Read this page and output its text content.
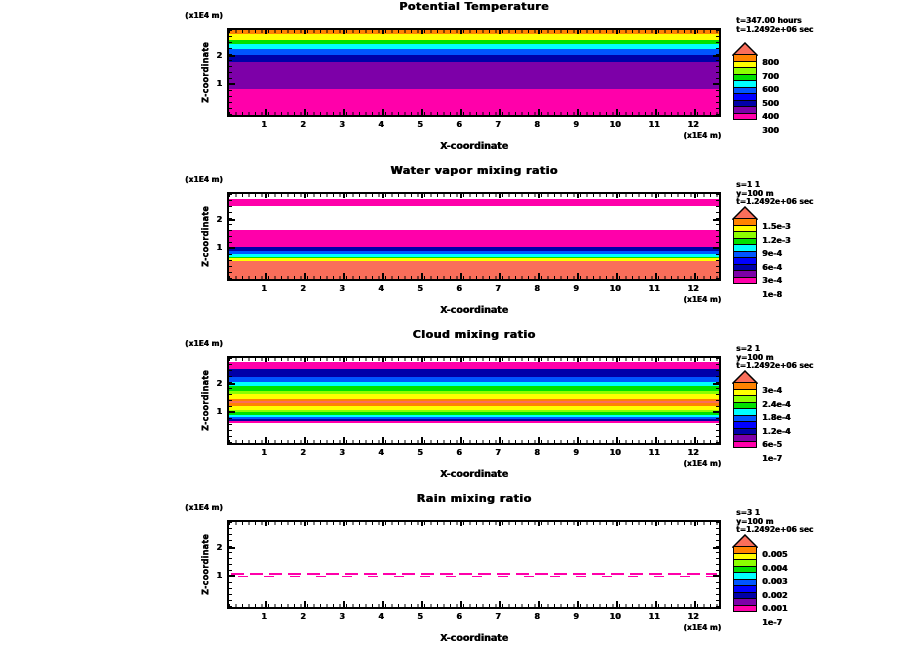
Potential Temperature
(x1E4 m)
Z-coordinate
(x1E4 m)
X-coordinate
t=347.00 hours
t=1.2492e+06 sec
1	2	3	4	5	6	7	8	9	10	11	12
2
1
800
700
600
500
400
300
Water vapor mixing ratio
(x1E4 m)
Z-coordinate
(x1E4 m)
X-coordinate
s=1 1
y=100 m
t=1.2492e+06 sec
1	2	3	4	5	6	7	8	9	10	11	12
2
1
1.5e-3
1.2e-3
9e-4
6e-4
3e-4
1e-8
Cloud mixing ratio
(x1E4 m)
Z-coordinate
(x1E4 m)
X-coordinate
s=2 1
y=100 m
t=1.2492e+06 sec
1	2	3	4	5	6	7	8	9	10	11	12
2
1
3e-4
2.4e-4
1.8e-4
1.2e-4
6e-5
1e-7
Rain mixing ratio
(x1E4 m)
Z-coordinate
(x1E4 m)
X-coordinate
s=3 1
y=100 m
t=1.2492e+06 sec
1	2	3	4	5	6	7	8	9	10	11	12
2
1
0.005
0.004
0.003
0.002
0.001
1e-7
